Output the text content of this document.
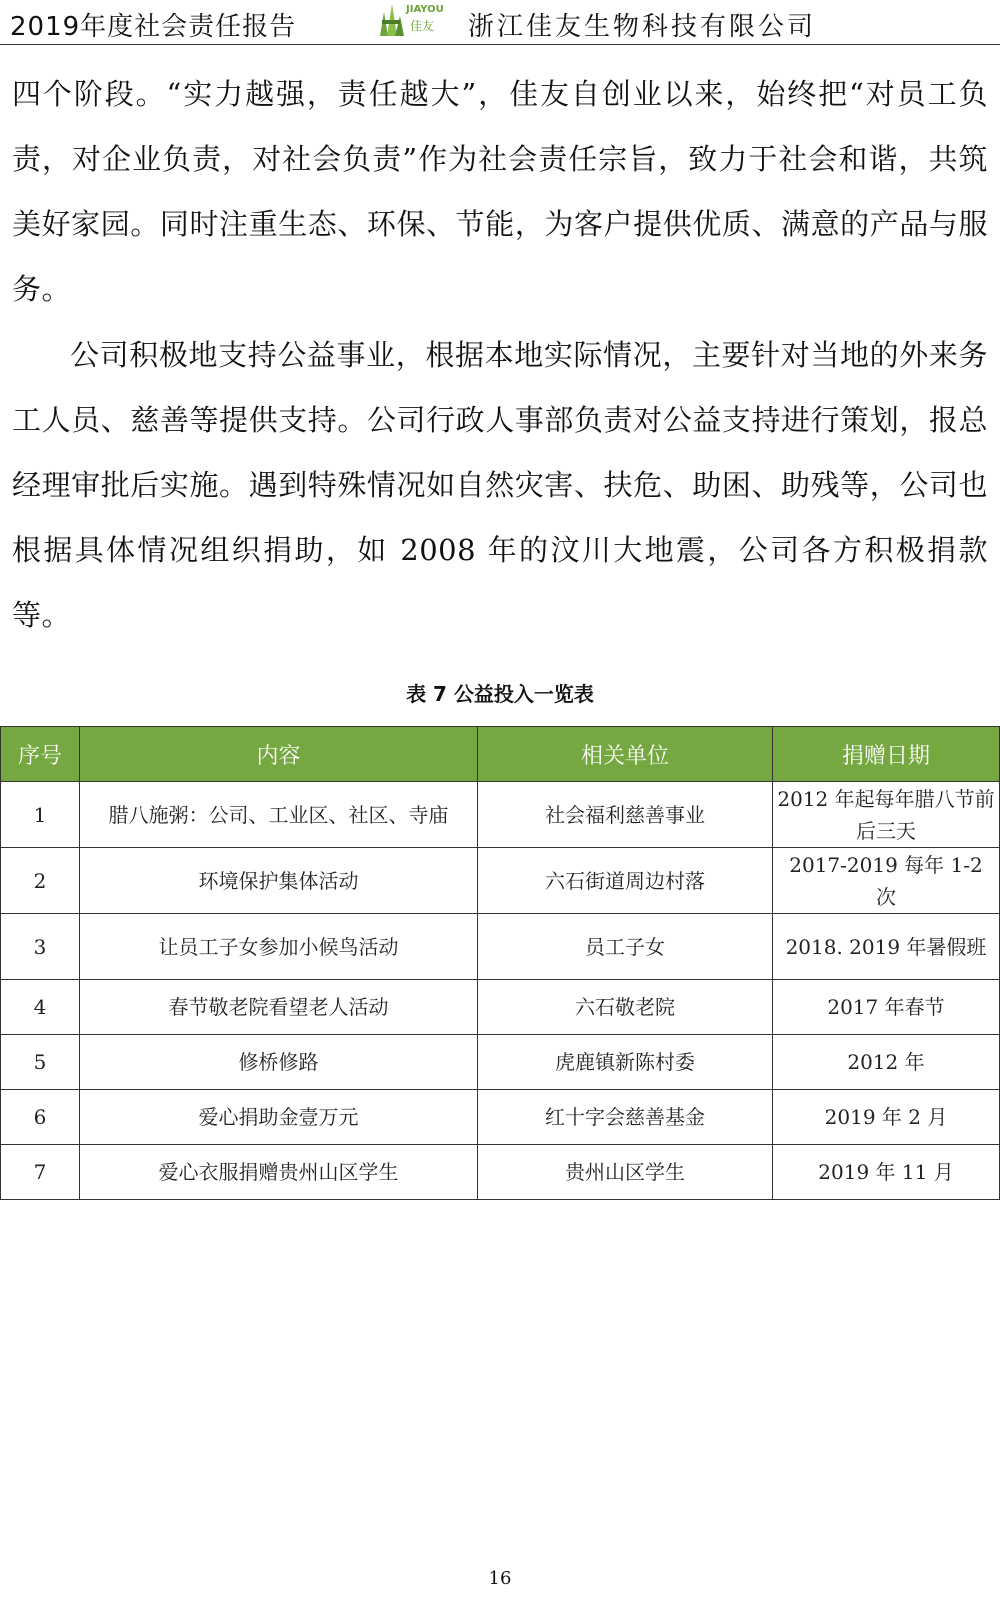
2019年度社会责任报告
JIAYOU
佳友 浙江佳友生物科技有限公司

四个阶段。“实力越强，责任越大”，佳友自创业以来，始终把“对员工负责，对企业负责，对社会负责”作为社会责任宗旨，致力于社会和谐，共筑美好家园。同时注重生态、环保、节能，为客户提供优质、满意的产品与服务。

公司积极地支持公益事业，根据本地实际情况，主要针对当地的外来务工人员、慈善等提供支持。公司行政人事部负责对公益支持进行策划，报总经理审批后实施。遇到特殊情况如自然灾害、扶危、助困、助残等，公司也根据具体情况组织捐助，如 2008 年的汶川大地震，公司各方积极捐款等。

表 7 公益投入一览表
序号	内容	相关单位	捐赠日期
1	腊八施粥：公司、工业区、社区、寺庙	社会福利慈善事业	2012 年起每年腊八节前后三天
2	环境保护集体活动	六石街道周边村落	2017-2019 每年 1-2 次
3	让员工子女参加小候鸟活动	员工子女	2018. 2019 年暑假班
4	春节敬老院看望老人活动	六石敬老院	2017 年春节
5	修桥修路	虎鹿镇新陈村委	2012 年
6	爱心捐助金壹万元	红十字会慈善基金	2019 年 2 月
7	爱心衣服捐赠贵州山区学生	贵州山区学生	2019 年 11 月
16
